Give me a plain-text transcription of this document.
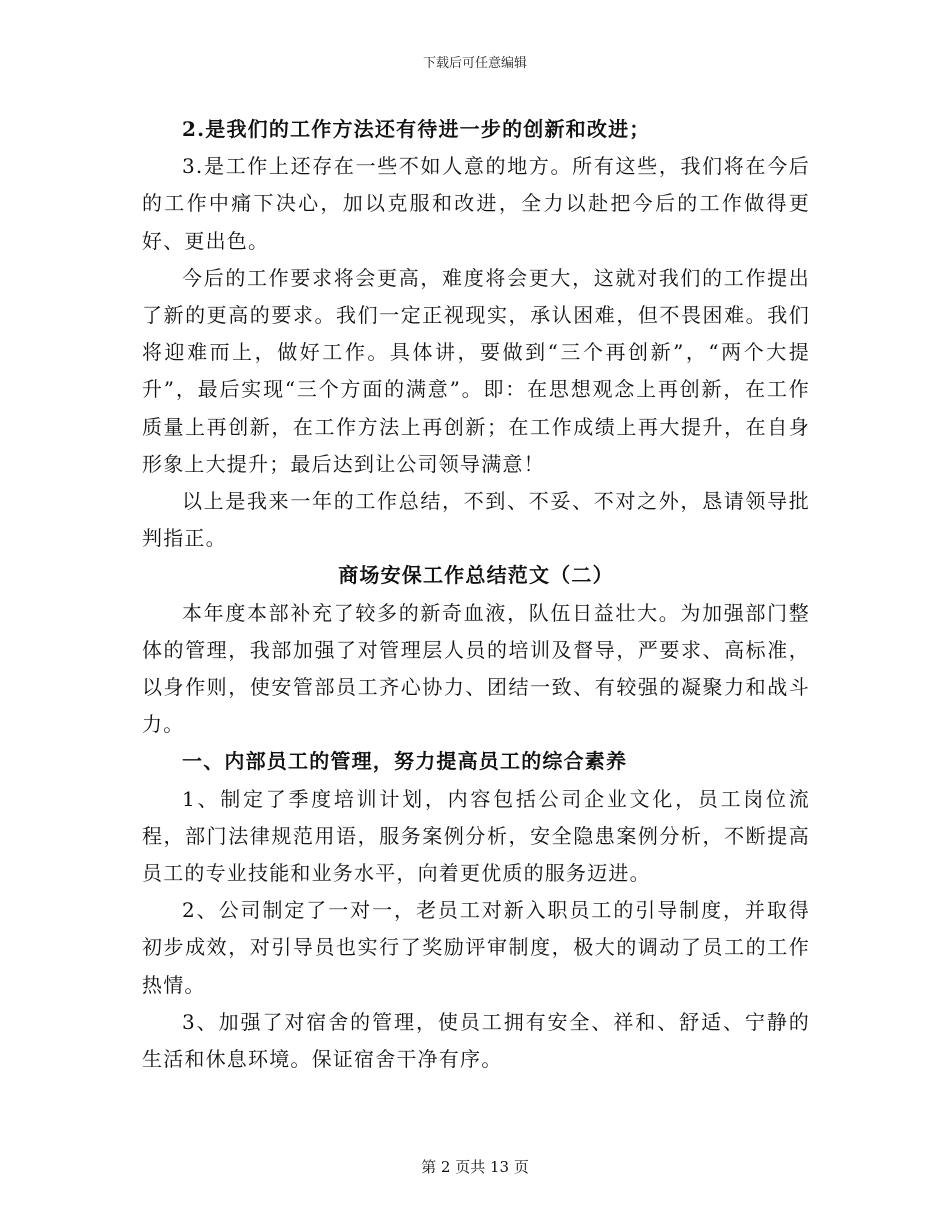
下载后可任意编辑

2.是我们的工作方法还有待进一步的创新和改进；

3.是工作上还存在一些不如人意的地方。所有这些，我们将在今后的工作中痛下决心，加以克服和改进，全力以赴把今后的工作做得更好、更出色。

今后的工作要求将会更高，难度将会更大，这就对我们的工作提出了新的更高的要求。我们一定正视现实，承认困难，但不畏困难。我们将迎难而上，做好工作。具体讲，要做到“三个再创新”，“两个大提升”，最后实现“三个方面的满意”。即：在思想观念上再创新，在工作质量上再创新，在工作方法上再创新；在工作成绩上再大提升，在自身形象上大提升；最后达到让公司领导满意！

以上是我来一年的工作总结，不到、不妥、不对之外，恳请领导批判指正。

商场安保工作总结范文（二）

本年度本部补充了较多的新奇血液，队伍日益壮大。为加强部门整体的管理，我部加强了对管理层人员的培训及督导，严要求、高标准，以身作则，使安管部员工齐心协力、团结一致、有较强的凝聚力和战斗力。

一、内部员工的管理，努力提高员工的综合素养

1、制定了季度培训计划，内容包括公司企业文化，员工岗位流程，部门法律规范用语，服务案例分析，安全隐患案例分析，不断提高员工的专业技能和业务水平，向着更优质的服务迈进。

2、公司制定了一对一，老员工对新入职员工的引导制度，并取得初步成效，对引导员也实行了奖励评审制度，极大的调动了员工的工作热情。

3、加强了对宿舍的管理，使员工拥有安全、祥和、舒适、宁静的生活和休息环境。保证宿舍干净有序。

第 2 页共 13 页
